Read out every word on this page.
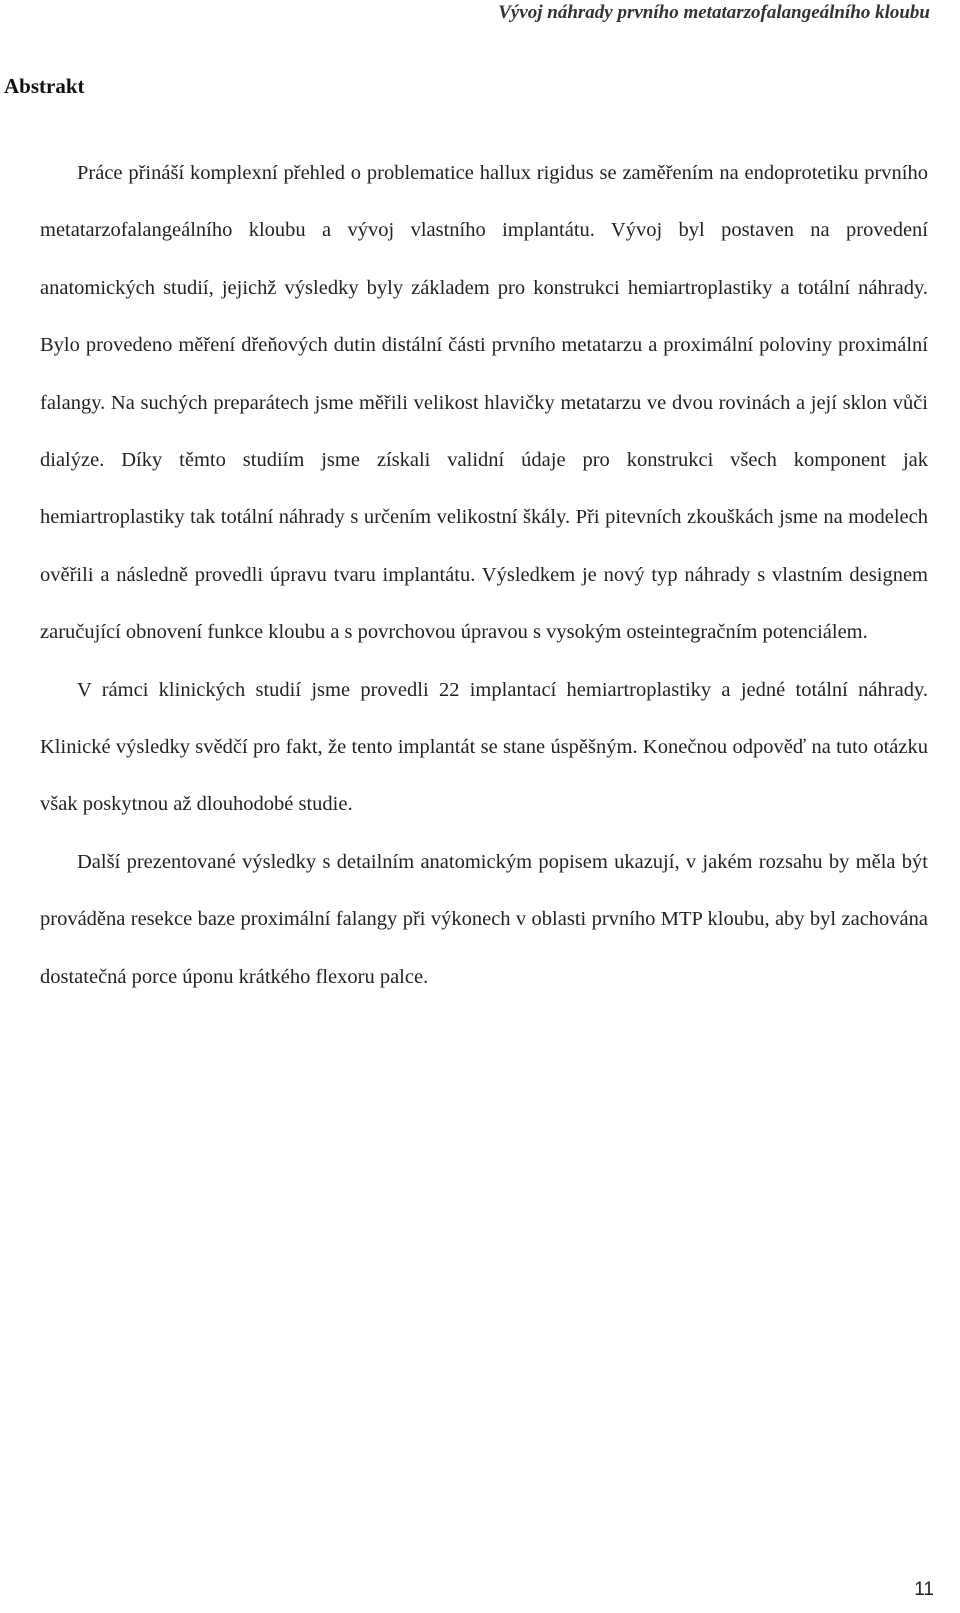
Vývoj náhrady prvního metatarzofalangeálního kloubu
Abstrakt

Práce přináší komplexní přehled o problematice hallux rigidus se zaměřením na endoprotetiku prvního metatarzofalangeálního kloubu a vývoj vlastního implantátu. Vývoj byl postaven na provedení anatomických studií, jejichž výsledky byly základem pro konstrukci hemiartroplastiky a totální náhrady. Bylo provedeno měření dřeňových dutin distální části prvního metatarzu a proximální poloviny proximální falangy. Na suchých preparátech jsme měřili velikost hlavičky metatarzu ve dvou rovinách a její sklon vůči dialýze. Díky těmto studiím jsme získali validní údaje pro konstrukci všech komponent jak hemiartroplastiky tak totální náhrady s určením velikostní škály. Při pitevních zkouškách jsme na modelech ověřili a následně provedli úpravu tvaru implantátu. Výsledkem je nový typ náhrady s vlastním designem zaručující obnovení funkce kloubu a s povrchovou úpravou s vysokým osteintegračním potenciálem.

V rámci klinických studií jsme provedli 22 implantací hemiartroplastiky a jedné totální náhrady. Klinické výsledky svědčí pro fakt, že tento implantát se stane úspěšným. Konečnou odpověď na tuto otázku však poskytnou až dlouhodobé studie.

Další prezentované výsledky s detailním anatomickým popisem ukazují, v jakém rozsahu by měla být prováděna resekce baze proximální falangy při výkonech v oblasti prvního MTP kloubu, aby byl zachována dostatečná porce úponu krátkého flexoru palce.

11
